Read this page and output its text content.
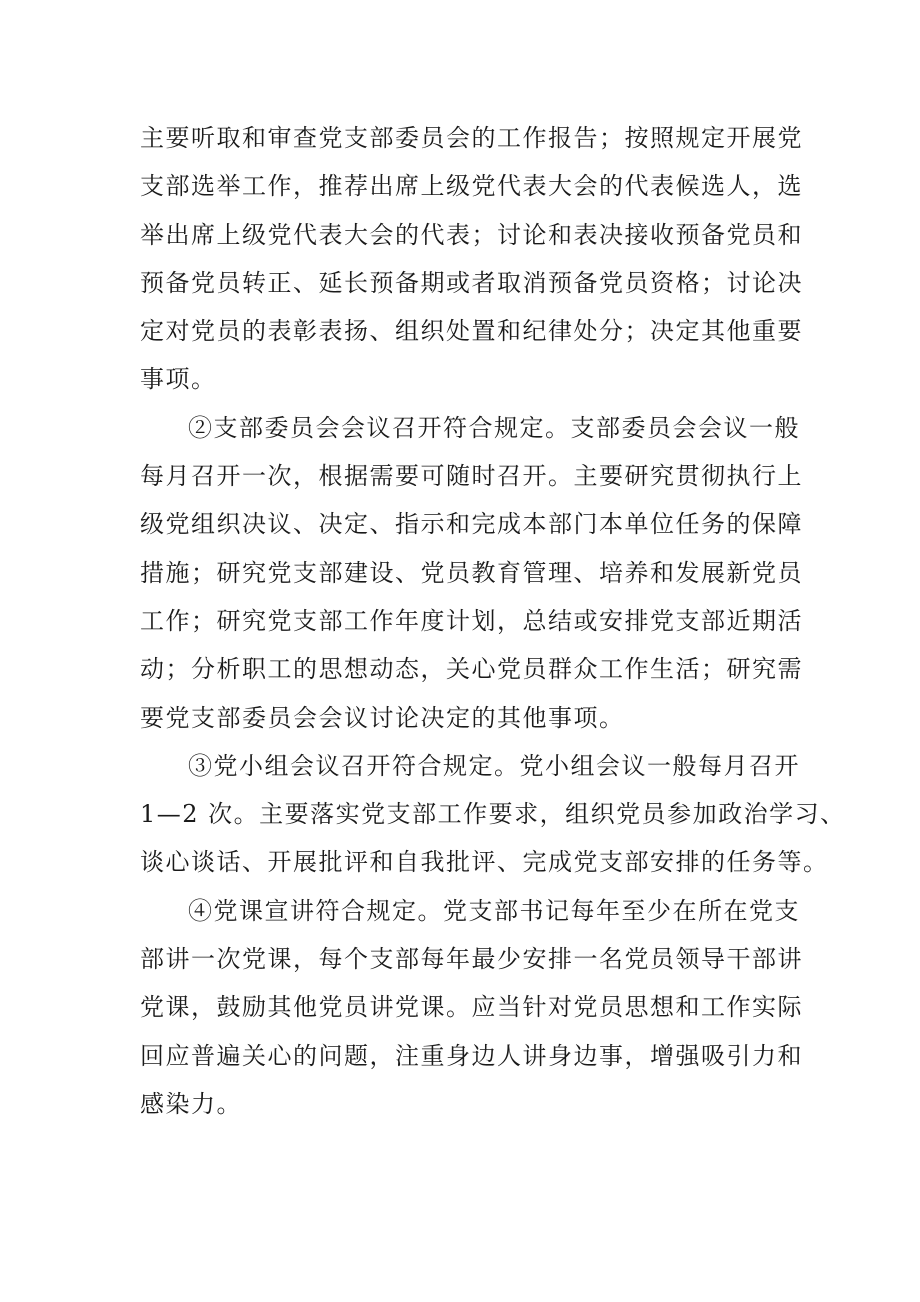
主要听取和审查党支部委员会的工作报告；按照规定开展党
支部选举工作，推荐出席上级党代表大会的代表候选人，选
举出席上级党代表大会的代表；讨论和表决接收预备党员和
预备党员转正、延长预备期或者取消预备党员资格；讨论决
定对党员的表彰表扬、组织处置和纪律处分；决定其他重要
事项。
②支部委员会会议召开符合规定。支部委员会会议一般
每月召开一次，根据需要可随时召开。主要研究贯彻执行上
级党组织决议、决定、指示和完成本部门本单位任务的保障
措施；研究党支部建设、党员教育管理、培养和发展新党员
工作；研究党支部工作年度计划，总结或安排党支部近期活
动；分析职工的思想动态，关心党员群众工作生活；研究需
要党支部委员会会议讨论决定的其他事项。
③党小组会议召开符合规定。党小组会议一般每月召开
1—2 次。主要落实党支部工作要求，组织党员参加政治学习、
谈心谈话、开展批评和自我批评、完成党支部安排的任务等。
④党课宣讲符合规定。党支部书记每年至少在所在党支
部讲一次党课，每个支部每年最少安排一名党员领导干部讲
党课，鼓励其他党员讲党课。应当针对党员思想和工作实际
回应普遍关心的问题，注重身边人讲身边事，增强吸引力和
感染力。
